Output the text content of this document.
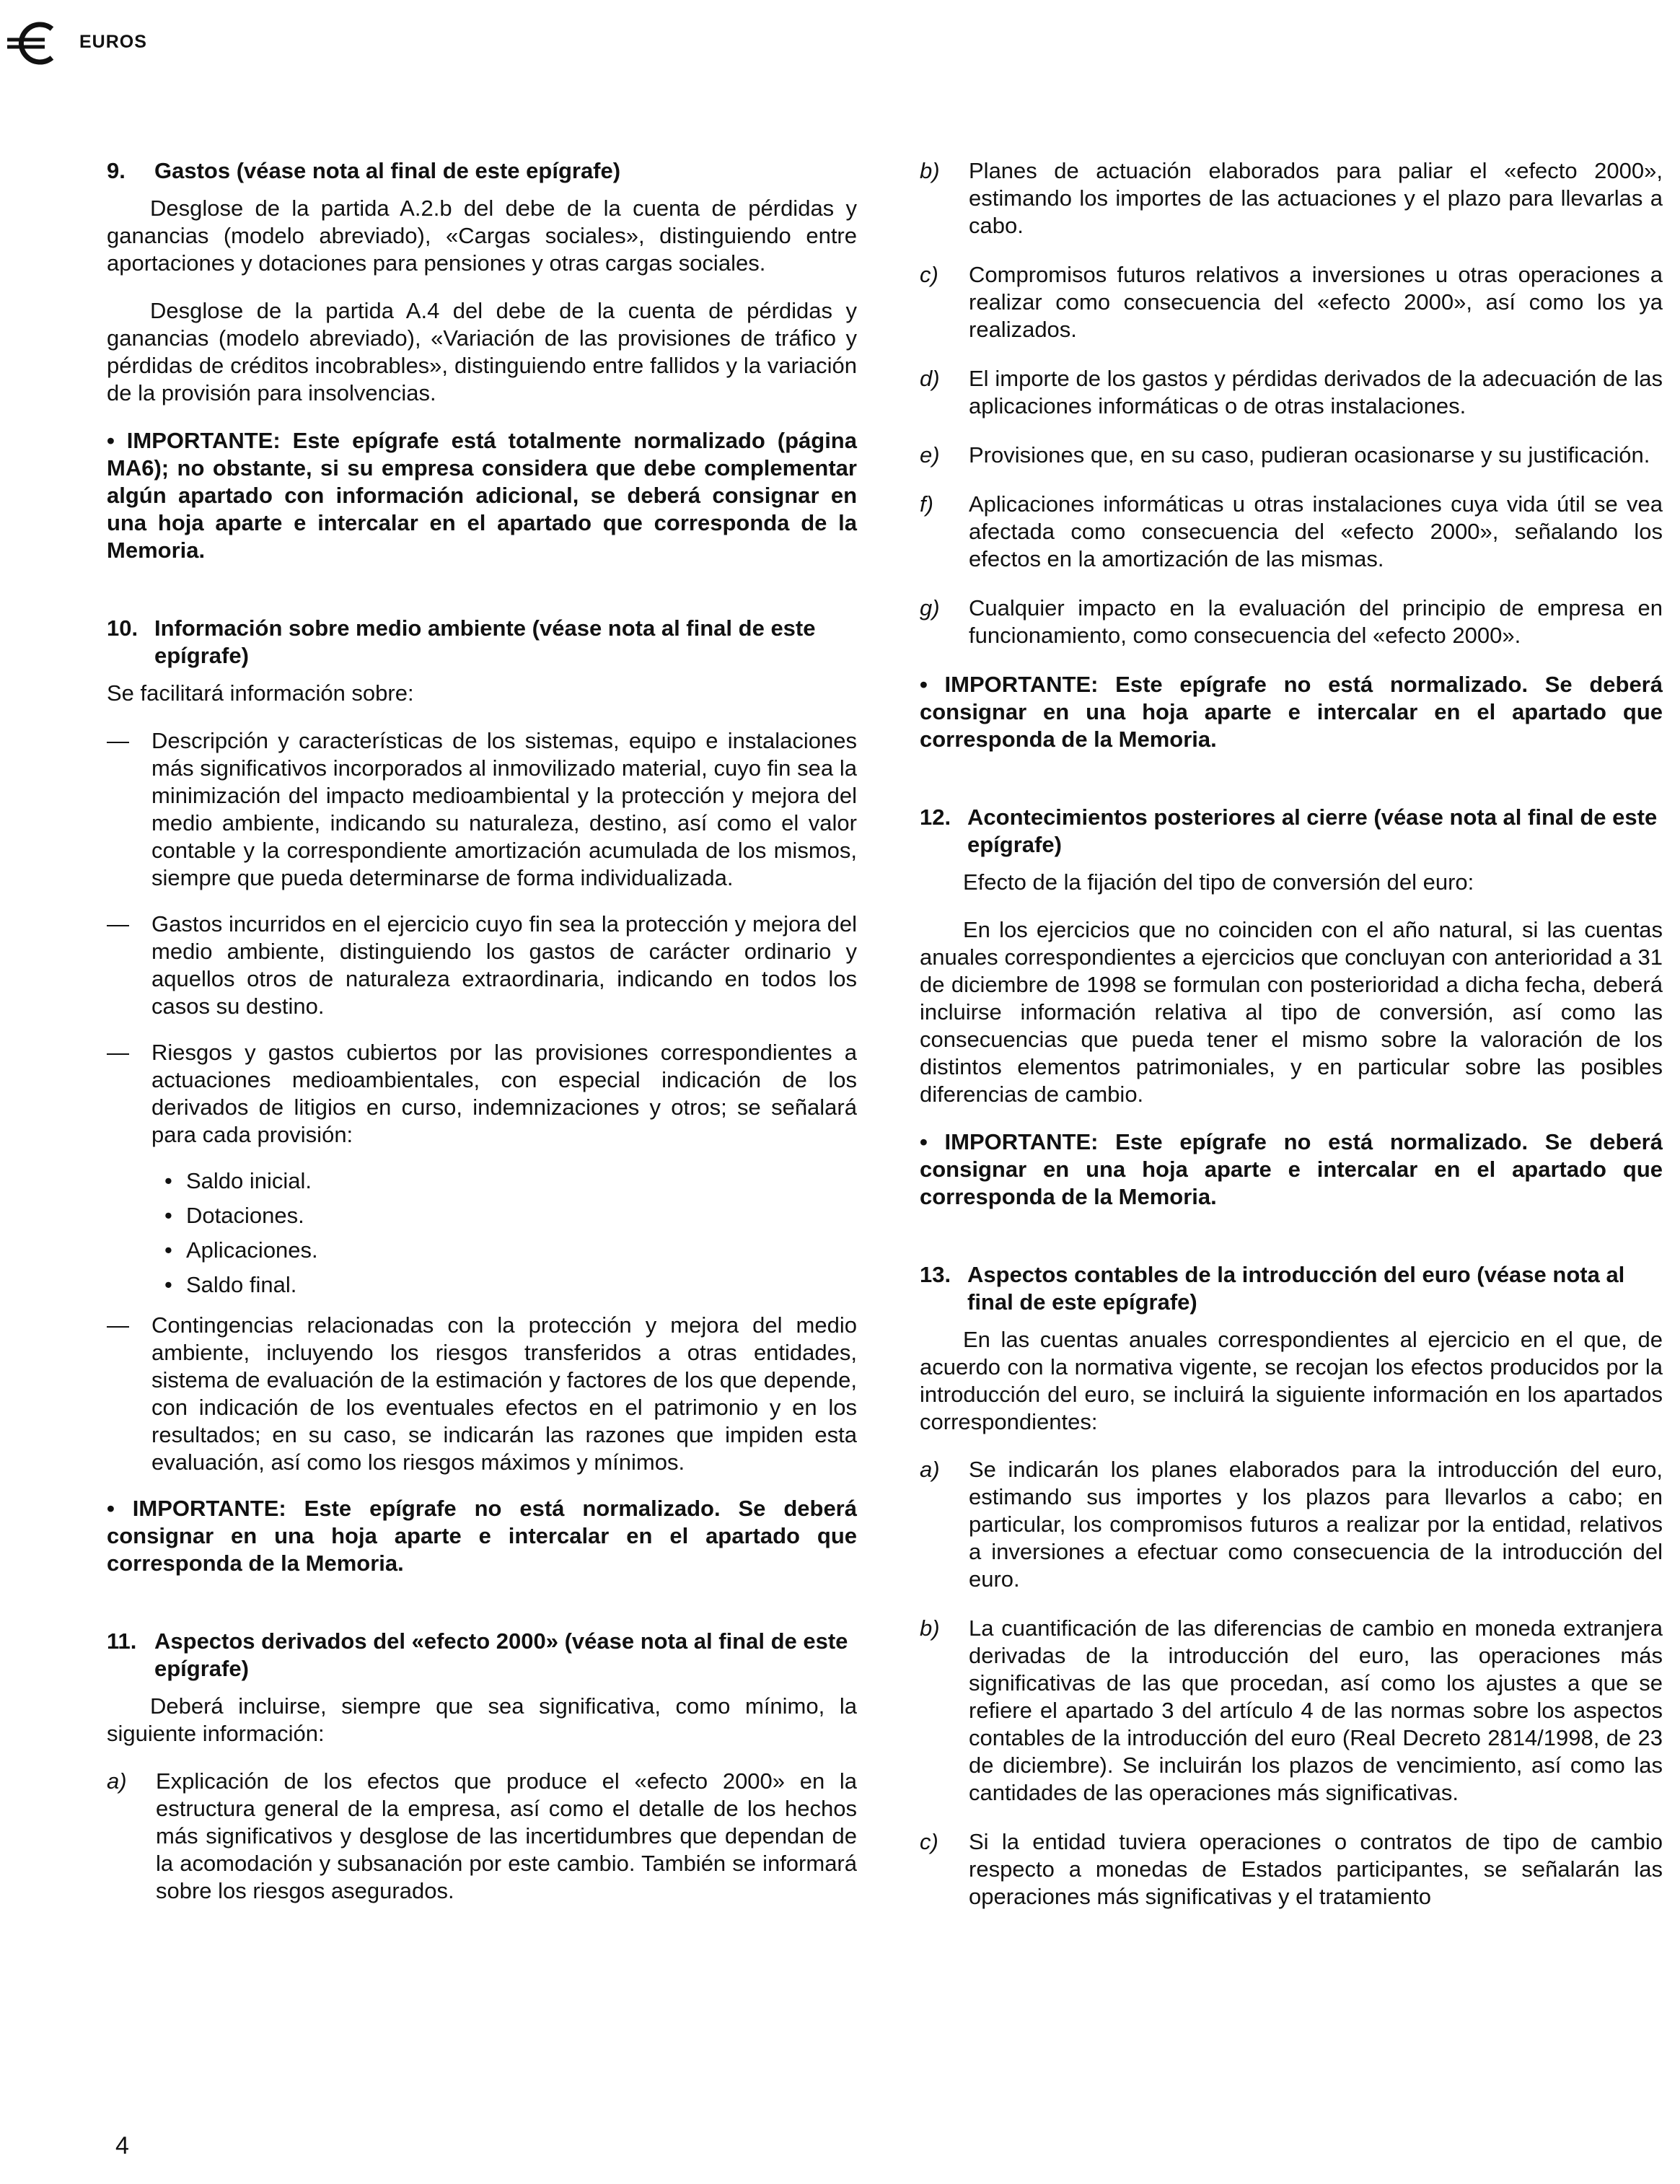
EUROS
9.	Gastos (véase nota al final de este epígrafe)

Desglose de la partida A.2.b del debe de la cuenta de pérdidas y ganancias (modelo abreviado), «Cargas sociales», distinguiendo entre aportaciones y dotaciones para pensiones y otras cargas sociales.

Desglose de la partida A.4 del debe de la cuenta de pérdidas y ganancias (modelo abreviado), «Variación de las provisiones de tráfico y pérdidas de créditos incobrables», distinguiendo entre fallidos y la variación de la provisión para insolvencias.

• IMPORTANTE: Este epígrafe está totalmente normalizado (página MA6); no obstante, si su empresa considera que debe complementar algún apartado con información adicional, se deberá consignar en una hoja aparte e intercalar en el apartado que corresponda de la Memoria.

10. Información sobre medio ambiente (véase nota al final de este epígrafe)

Se facilitará información sobre:

—	Descripción y características de los sistemas, equipo e instalaciones más significativos incorporados al inmovilizado material, cuyo fin sea la minimización del impacto medioambiental y la protección y mejora del medio ambiente, indicando su naturaleza, destino, así como el valor contable y la correspondiente amortización acumulada de los mismos, siempre que pueda determinarse de forma individualizada.
—	Gastos incurridos en el ejercicio cuyo fin sea la protección y mejora del medio ambiente, distinguiendo los gastos de carácter ordinario y aquellos otros de naturaleza extraordinaria, indicando en todos los casos su destino.
—	Riesgos y gastos cubiertos por las provisiones correspondientes a actuaciones medioambientales, con especial indicación de los derivados de litigios en curso, indemnizaciones y otros; se señalará para cada provisión:
• Saldo inicial.
• Dotaciones.
• Aplicaciones.
• Saldo final.
—	Contingencias relacionadas con la protección y mejora del medio ambiente, incluyendo los riesgos transferidos a otras entidades, sistema de evaluación de la estimación y factores de los que depende, con indicación de los eventuales efectos en el patrimonio y en los resultados; en su caso, se indicarán las razones que impiden esta evaluación, así como los riesgos máximos y mínimos.

• IMPORTANTE: Este epígrafe no está normalizado. Se deberá consignar en una hoja aparte e intercalar en el apartado que corresponda de la Memoria.

11. Aspectos derivados del «efecto 2000» (véase nota al final de este epígrafe)

Deberá incluirse, siempre que sea significativa, como mínimo, la siguiente información:

a)	Explicación de los efectos que produce el «efecto 2000» en la estructura general de la empresa, así como el detalle de los hechos más significativos y desglose de las incertidumbres que dependan de la acomodación y subsanación por este cambio. También se informará sobre los riesgos asegurados.
b)	Planes de actuación elaborados para paliar el «efecto 2000», estimando los importes de las actuaciones y el plazo para llevarlas a cabo.
c)	Compromisos futuros relativos a inversiones u otras operaciones a realizar como consecuencia del «efecto 2000», así como los ya realizados.
d)	El importe de los gastos y pérdidas derivados de la adecuación de las aplicaciones informáticas o de otras instalaciones.
e)	Provisiones que, en su caso, pudieran ocasionarse y su justificación.
f)	Aplicaciones informáticas u otras instalaciones cuya vida útil se vea afectada como consecuencia del «efecto 2000», señalando los efectos en la amortización de las mismas.
g)	Cualquier impacto en la evaluación del principio de empresa en funcionamiento, como consecuencia del «efecto 2000».

• IMPORTANTE: Este epígrafe no está normalizado. Se deberá consignar en una hoja aparte e intercalar en el apartado que corresponda de la Memoria.

12. Acontecimientos posteriores al cierre (véase nota al final de este epígrafe)

Efecto de la fijación del tipo de conversión del euro:

En los ejercicios que no coinciden con el año natural, si las cuentas anuales correspondientes a ejercicios que concluyan con anterioridad a 31 de diciembre de 1998 se formulan con posterioridad a dicha fecha, deberá incluirse información relativa al tipo de conversión, así como las consecuencias que pueda tener el mismo sobre la valoración de los distintos elementos patrimoniales, y en particular sobre las posibles diferencias de cambio.

• IMPORTANTE: Este epígrafe no está normalizado. Se deberá consignar en una hoja aparte e intercalar en el apartado que corresponda de la Memoria.

13. Aspectos contables de la introducción del euro (véase nota al final de este epígrafe)

En las cuentas anuales correspondientes al ejercicio en el que, de acuerdo con la normativa vigente, se recojan los efectos producidos por la introducción del euro, se incluirá la siguiente información en los apartados correspondientes:

a)	Se indicarán los planes elaborados para la introducción del euro, estimando sus importes y los plazos para llevarlos a cabo; en particular, los compromisos futuros a realizar por la entidad, relativos a inversiones a efectuar como consecuencia de la introducción del euro.
b)	La cuantificación de las diferencias de cambio en moneda extranjera derivadas de la introducción del euro, las operaciones más significativas de las que procedan, así como los ajustes a que se refiere el apartado 3 del artículo 4 de las normas sobre los aspectos contables de la introducción del euro (Real Decreto 2814/1998, de 23 de diciembre). Se incluirán los plazos de vencimiento, así como las cantidades de las operaciones más significativas.
c)	Si la entidad tuviera operaciones o contratos de tipo de cambio respecto a monedas de Estados participantes, se señalarán las operaciones más significativas y el tratamiento
4
